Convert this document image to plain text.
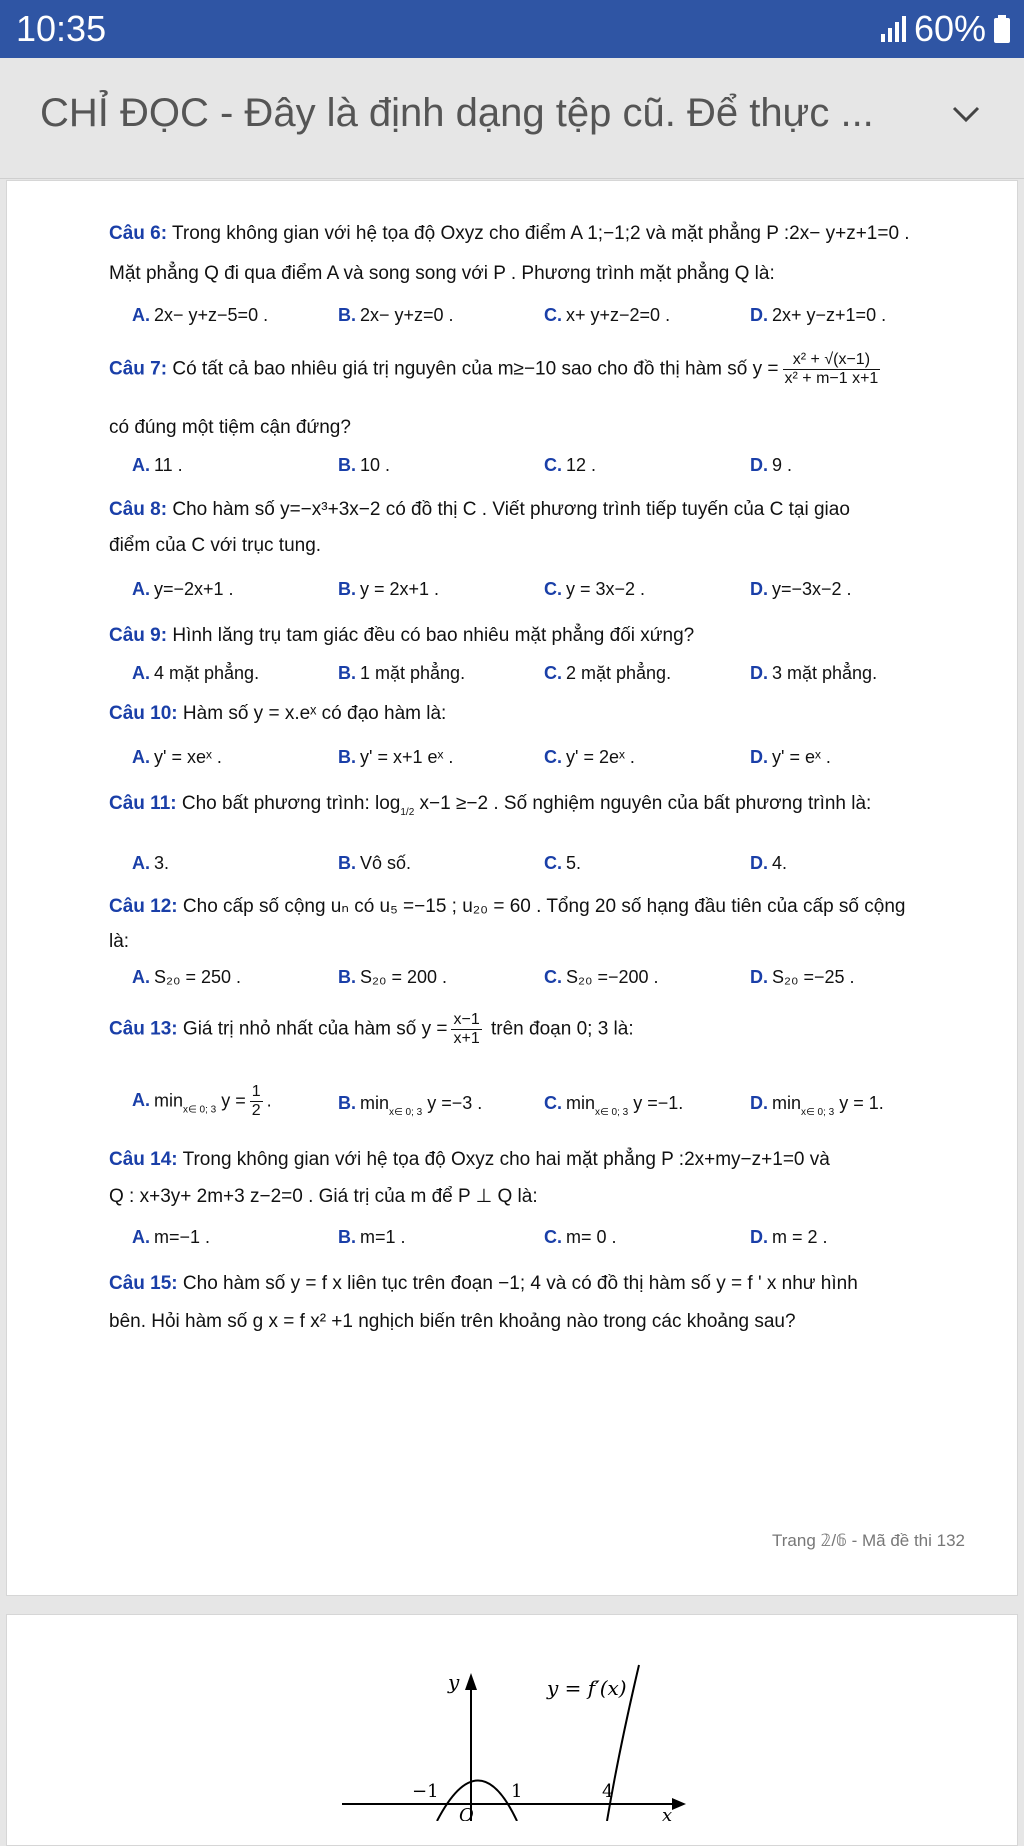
10:35	60%
CHỈ ĐỌC - Đây là định dạng tệp cũ. Để thực ...
Câu 6: Trong không gian với hệ tọa độ Oxyz cho điểm A 1;−1;2 và mặt phẳng P :2x− y+z+1=0 .
Mặt phẳng Q đi qua điểm A và song song với P . Phương trình mặt phẳng Q là:
A. 2x− y+z−5=0 .	B. 2x− y+z=0 .	C. x+ y+z−2=0 .	D. 2x+ y−z+1=0 .
Câu 7: Có tất cả bao nhiêu giá trị nguyên của m≥−10 sao cho đồ thị hàm số $y = \frac{\text{x² + √(x−1)}}{\text{x² + m−1 x+1}}$
có đúng một tiệm cận đứng?
A. 11 .	B. 10 .	C. 12 .	D. 9 .
Câu 8: Cho hàm số y=−x³+3x−2 có đồ thị C . Viết phương trình tiếp tuyến của C tại giao
điểm của C với trục tung.
A. y=−2x+1 .	B. y = 2x+1 .	C. y = 3x−2 .	D. y=−3x−2 .
Câu 9: Hình lăng trụ tam giác đều có bao nhiêu mặt phẳng đối xứng?
A. 4 mặt phẳng.	B. 1 mặt phẳng.	C. 2 mặt phẳng.	D. 3 mặt phẳng.
Câu 10: Hàm số y = x.eˣ có đạo hàm là:
A. y' = xeˣ .	B. y' = x+1 eˣ .	C. y' = 2eˣ .	D. y' = eˣ .
Câu 11: Cho bất phương trình: $\log_{1/2} x-1 \ge-2$ . Số nghiệm nguyên của bất phương trình là:
A. 3.	B. Vô số.	C. 5.	D. 4.
Câu 12: Cho cấp số cộng uₙ có u₅ =−15 ; u₂₀ = 60 . Tổng 20 số hạng đầu tiên của cấp số cộng
là:
A. S₂₀ = 250 .	B. S₂₀ = 200 .	C. S₂₀ =−200 .	D. S₂₀ =−25 .
Câu 13: Giá trị nhỏ nhất của hàm số $y = \frac{x-1}{x+1}$ trên đoạn 0; 3 là:
A. $\min_{x\in 0; 3} y = \frac{1}{2}$ .	B. $\min_{x\in 0; 3} y =-3$ .	C. $\min_{x\in 0; 3} y =-1$.	D. $\min_{x\in 0; 3} y = 1$.
Câu 14: Trong không gian với hệ tọa độ Oxyz cho hai mặt phẳng P :2x+my−z+1=0 và
Q : x+3y+ 2m+3 z−2=0 . Giá trị của m để P ⊥ Q là:
A. m=−1 .	B. m=1 .	C. m= 0 .	D. m = 2 .
Câu 15: Cho hàm số y = f x liên tục trên đoạn −1; 4 và có đồ thị hàm số y = f ' x như hình
bên. Hỏi hàm số g x = f x² +1 nghịch biến trên khoảng nào trong các khoảng sau?
Trang 𝟚/𝟞 - Mã đề thi 132
y	y = f′(x)
−1	1	4
O	x
